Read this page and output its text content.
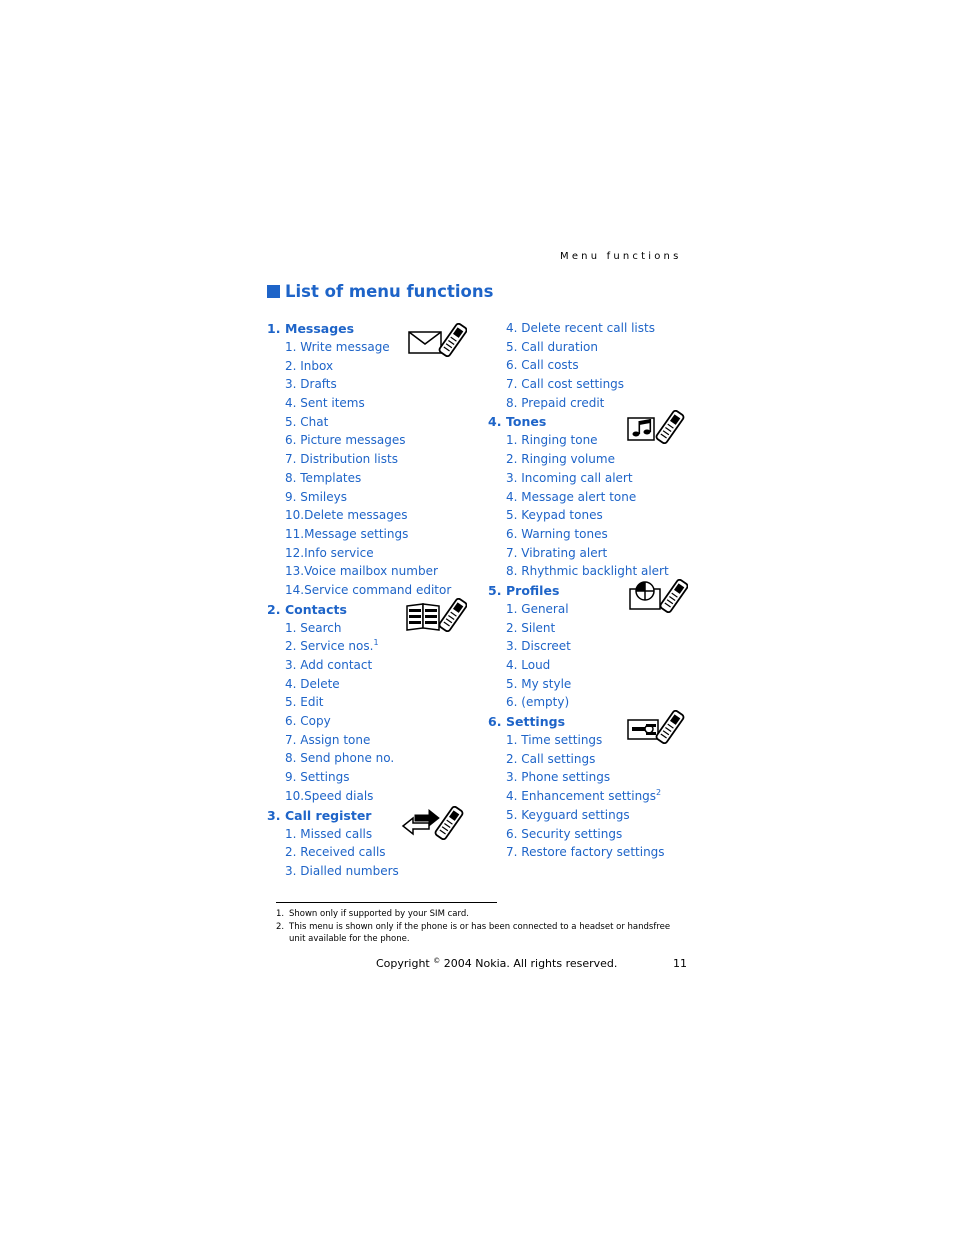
Menu functions
List of menu functions
1. Messages
1. Write message
2. Inbox
3. Drafts
4. Sent items
5. Chat
6. Picture messages
7. Distribution lists
8. Templates
9. Smileys
10.Delete messages
11.Message settings
12.Info service
13.Voice mailbox number
14.Service command editor
2. Contacts
1. Search
2. Service nos.$^1$
3. Add contact
4. Delete
5. Edit
6. Copy
7. Assign tone
8. Send phone no.
9. Settings
10.Speed dials
3. Call register
1. Missed calls
2. Received calls
3. Dialled numbers
4. Delete recent call lists
5. Call duration
6. Call costs
7. Call cost settings
8. Prepaid credit
4. Tones
1. Ringing tone
2. Ringing volume
3. Incoming call alert
4. Message alert tone
5. Keypad tones
6. Warning tones
7. Vibrating alert
8. Rhythmic backlight alert
5. Profiles
1. General
2. Silent
3. Discreet
4. Loud
5. My style
6. (empty)
6. Settings
1. Time settings
2. Call settings
3. Phone settings
4. Enhancement settings$^2$
5. Keyguard settings
6. Security settings
7. Restore factory settings
1. Shown only if supported by your SIM card.
2. This menu is shown only if the phone is or has been connected to a headset or handsfree unit available for the phone.
Copyright © 2004 Nokia. All rights reserved.	11
